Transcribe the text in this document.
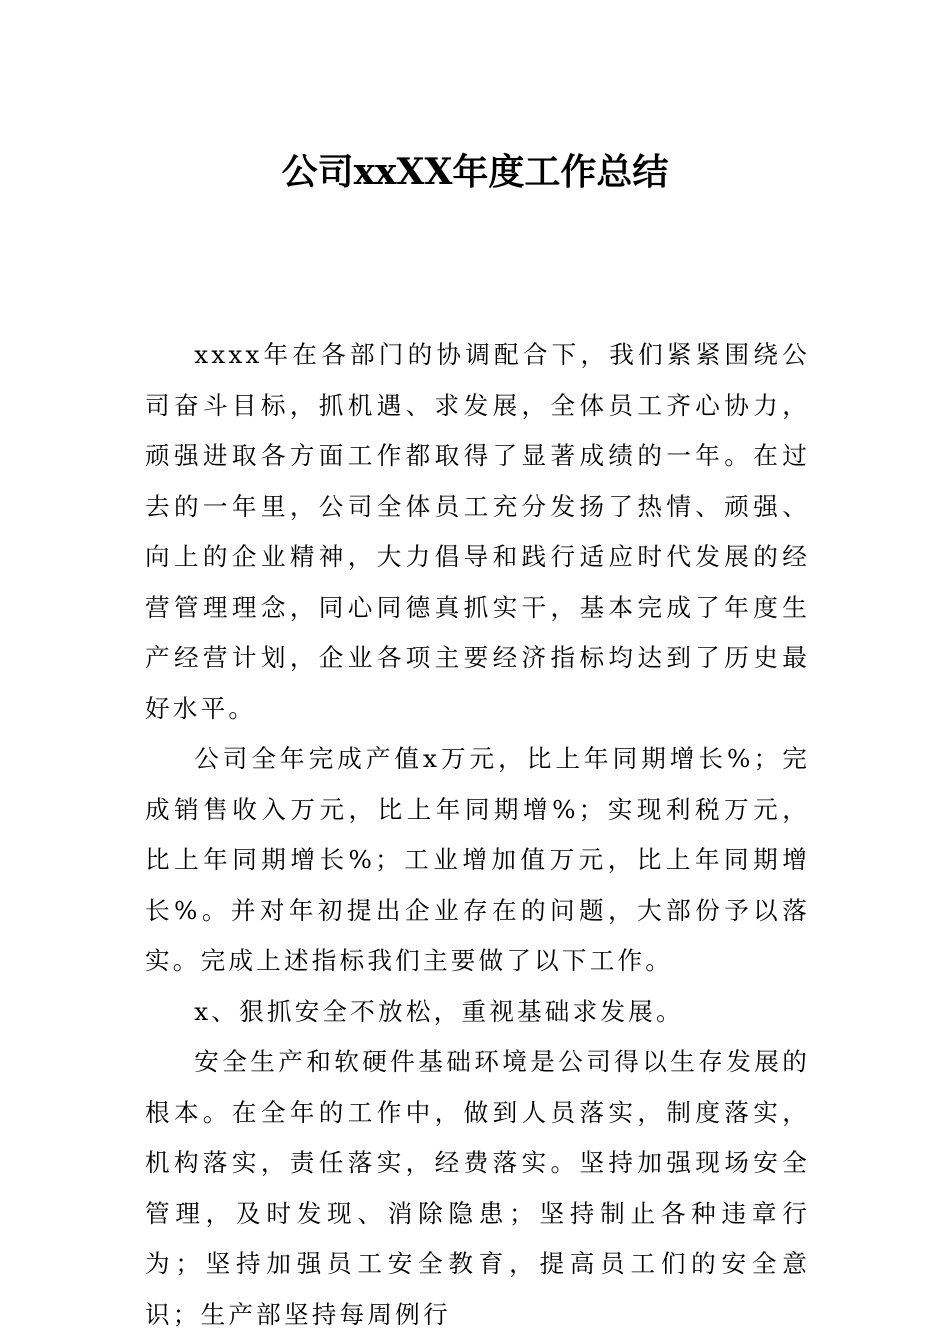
公司xxXX年度工作总结

xxxx年在各部门的协调配合下，我们紧紧围绕公司奋斗目标，抓机遇、求发展，全体员工齐心协力，顽强进取各方面工作都取得了显著成绩的一年。在过去的一年里，公司全体员工充分发扬了热情、顽强、向上的企业精神，大力倡导和践行适应时代发展的经营管理理念，同心同德真抓实干，基本完成了年度生产经营计划，企业各项主要经济指标均达到了历史最好水平。

公司全年完成产值x万元，比上年同期增长%；完成销售收入万元，比上年同期增%；实现利税万元，比上年同期增长%；工业增加值万元，比上年同期增长%。并对年初提出企业存在的问题，大部份予以落实。完成上述指标我们主要做了以下工作。

x、狠抓安全不放松，重视基础求发展。

安全生产和软硬件基础环境是公司得以生存发展的根本。在全年的工作中，做到人员落实，制度落实，机构落实，责任落实，经费落实。坚持加强现场安全管理，及时发现、消除隐患；坚持制止各种违章行为；坚持加强员工安全教育，提高员工们的安全意识；生产部坚持每周例行
